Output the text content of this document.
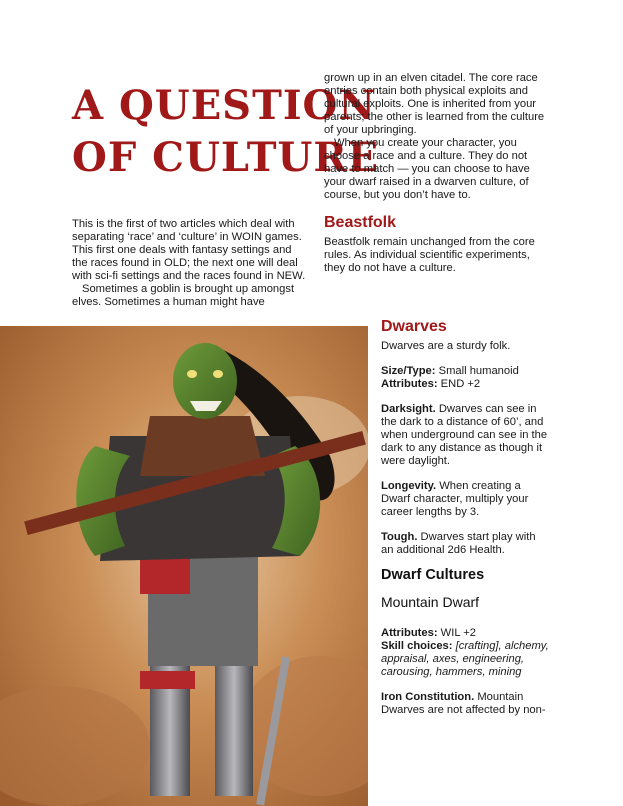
A QUESTION
OF CULTURE

This is the first of two articles which deal with separating ‘race’ and ‘culture’ in WOIN games. This first one deals with fantasy settings and the races found in OLD; the next one will deal with sci-fi settings and the races found in NEW.

Sometimes a goblin is brought up amongst elves. Sometimes a human might have

grown up in an elven citadel. The core race entries contain both physical exploits and cultural exploits. One is inherited from your parents; the other is learned from the culture of your upbringing.

When you create your character, you choose a race and a culture. They do not have to match — you can choose to have your dwarf raised in a dwarven culture, of course, but you don’t have to.

Beastfolk

Beastfolk remain unchanged from the core rules. As individual scientific experiments, they do not have a culture.

Dwarves

Dwarves are a sturdy folk.

Size/Type: Small humanoid

Attributes: END +2

Darksight. Dwarves can see in the dark to a distance of 60’, and when underground can see in the dark to any distance as though it were daylight.

Longevity. When creating a Dwarf character, multiply your career lengths by 3.

Tough. Dwarves start play with an additional 2d6 Health.

Dwarf Cultures
Mountain Dwarf

Attributes: WIL +2

Skill choices: [crafting], alchemy, appraisal, axes, engineering, carousing, hammers, mining

Iron Constitution. Mountain Dwarves are not affected by non-
